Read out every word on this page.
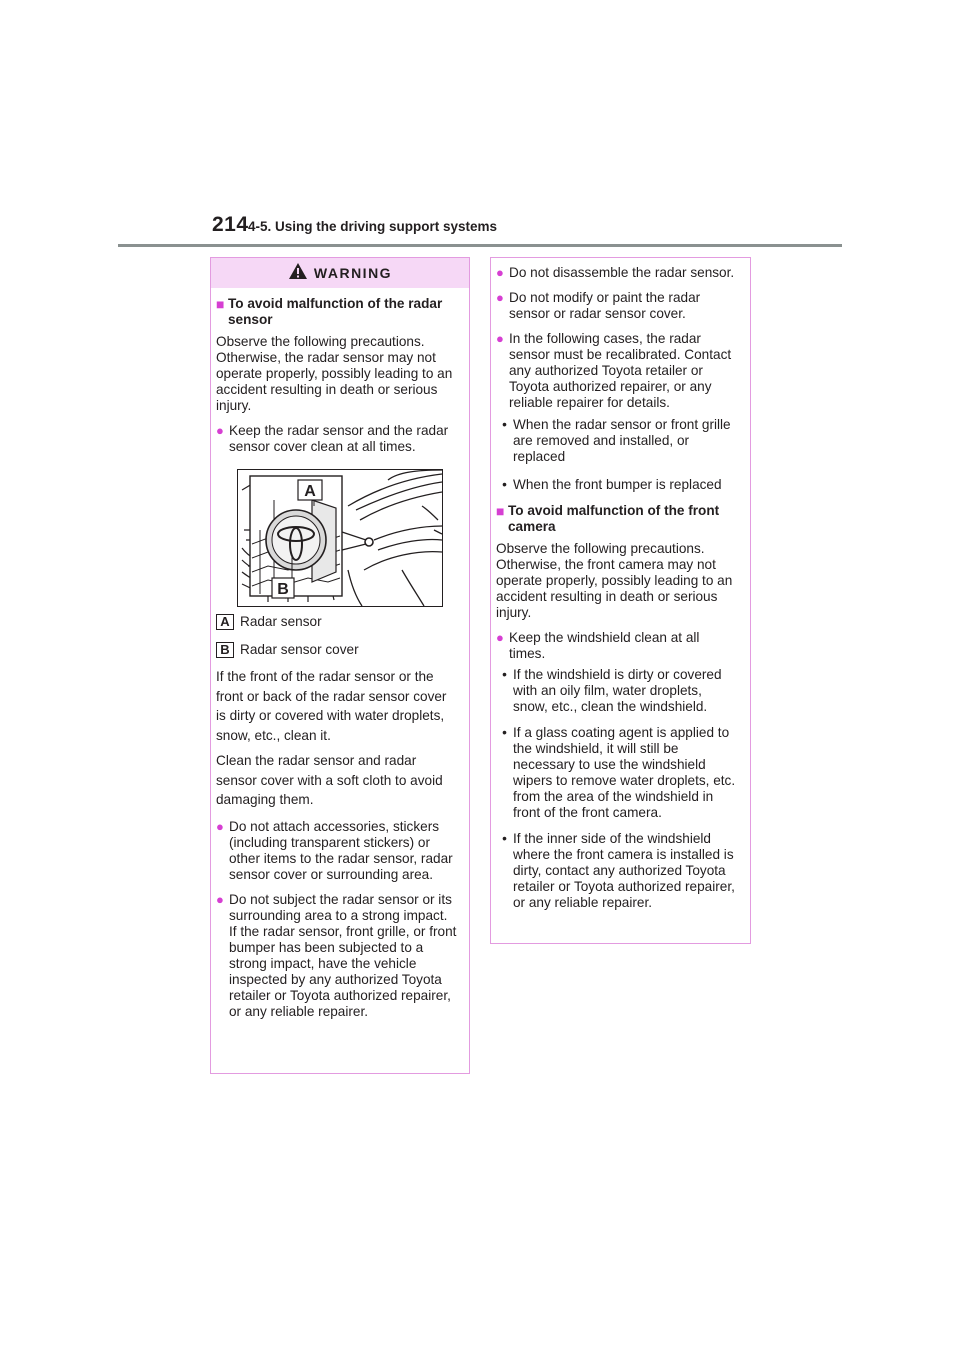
214 4-5. Using the driving support systems
WARNING
■ To avoid malfunction of the radar sensor
Observe the following precautions. Otherwise, the radar sensor may not operate properly, possibly leading to an accident resulting in death or serious injury.
● Keep the radar sensor and the radar sensor cover clean at all times.
A
B
A Radar sensor
B Radar sensor cover
If the front of the radar sensor or the front or back of the radar sensor cover is dirty or covered with water droplets, snow, etc., clean it.
Clean the radar sensor and radar sensor cover with a soft cloth to avoid damaging them.
● Do not attach accessories, stickers (including transparent stickers) or other items to the radar sensor, radar sensor cover or surrounding area.
● Do not subject the radar sensor or its surrounding area to a strong impact.
If the radar sensor, front grille, or front bumper has been subjected to a strong impact, have the vehicle inspected by any authorized Toyota retailer or Toyota authorized repairer, or any reliable repairer.
● Do not disassemble the radar sensor.
● Do not modify or paint the radar sensor or radar sensor cover.
● In the following cases, the radar sensor must be recalibrated. Contact any authorized Toyota retailer or Toyota authorized repairer, or any reliable repairer for details.
• When the radar sensor or front grille are removed and installed, or replaced
• When the front bumper is replaced
■ To avoid malfunction of the front camera
Observe the following precautions. Otherwise, the front camera may not operate properly, possibly leading to an accident resulting in death or serious injury.
● Keep the windshield clean at all times.
• If the windshield is dirty or covered with an oily film, water droplets, snow, etc., clean the windshield.
• If a glass coating agent is applied to the windshield, it will still be necessary to use the windshield wipers to remove water droplets, etc. from the area of the windshield in front of the front camera.
• If the inner side of the windshield where the front camera is installed is dirty, contact any authorized Toyota retailer or Toyota authorized repairer, or any reliable repairer.
